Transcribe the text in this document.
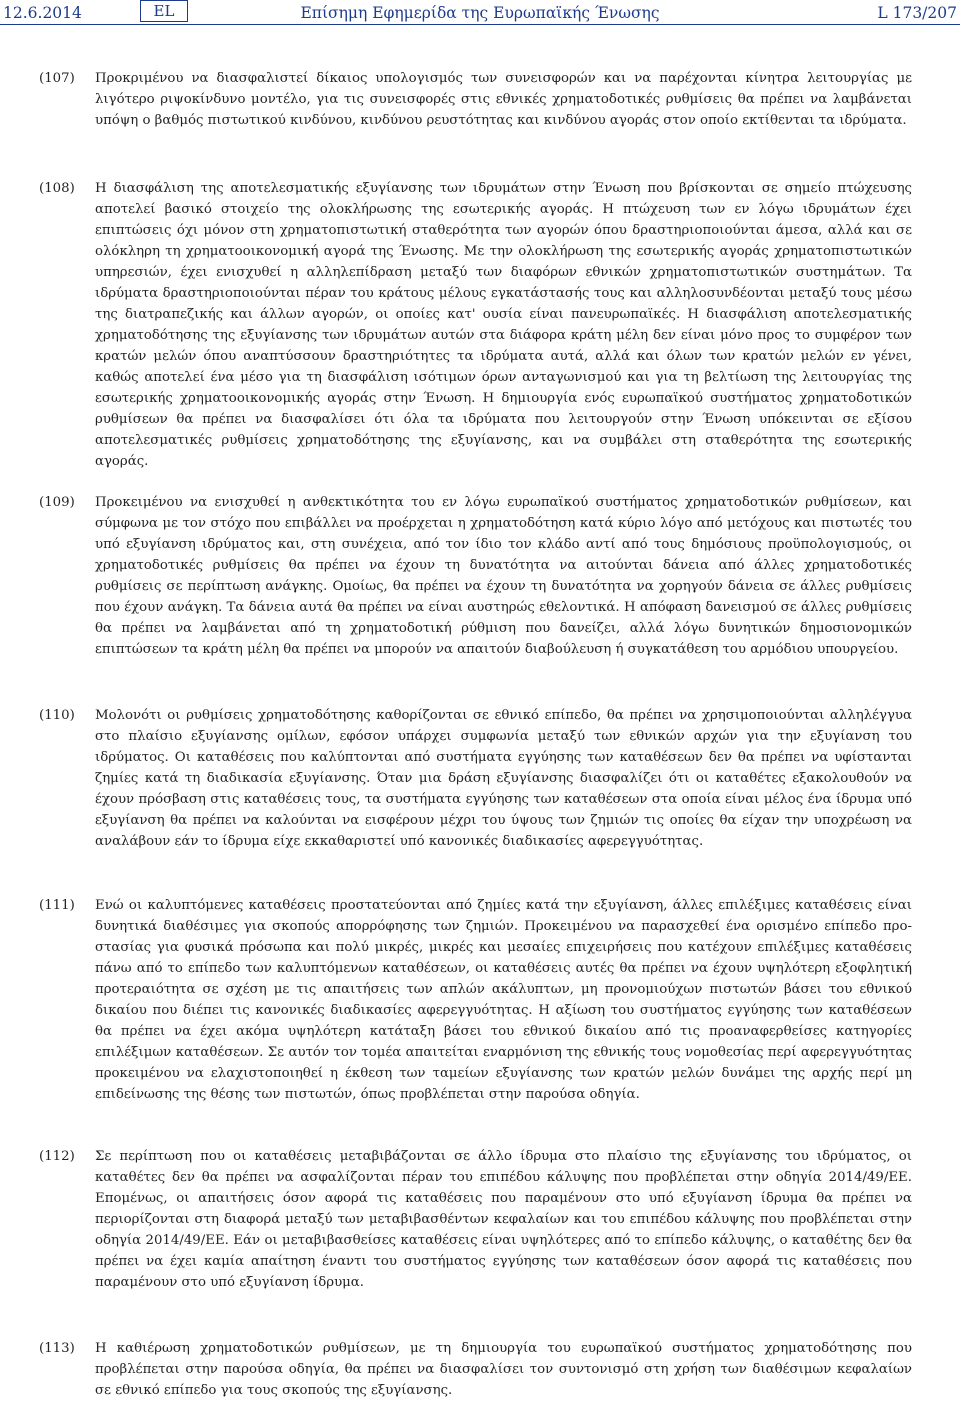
12.6.2014	EL	Επίσημη Εφημερίδα της Ευρωπαϊκής Ένωσης	L 173/207
(107)	Προκριμένου να διασφαλιστεί δίκαιος υπολογισμός των συνεισφορών και να παρέχονται κίνητρα λειτουργίας με λιγότερο ριψοκίνδυνο μοντέλο, για τις συνεισφορές στις εθνικές χρηματοδοτικές ρυθμίσεις θα πρέπει να λαμβάνεται υπόψη ο βαθμός πιστωτικού κινδύνου, κινδύνου ρευστότητας και κινδύνου αγοράς στον οποίο εκτίθενται τα ιδρύματα.
(108)	Η διασφάλιση της αποτελεσματικής εξυγίανσης των ιδρυμάτων στην Ένωση που βρίσκονται σε σημείο πτώχευσης αποτελεί βασικό στοιχείο της ολοκλήρωσης της εσωτερικής αγοράς. Η πτώχευση των εν λόγω ιδρυμάτων έχει επιπτώσεις όχι μόνον στη χρηματοπιστωτική σταθερότητα των αγορών όπου δραστηριοποιούνται άμεσα, αλλά και σε ολόκληρη τη χρηματοοικονομική αγορά της Ένωσης. Με την ολοκλήρωση της εσωτερικής αγοράς χρηματοπιστωτικών υπηρεσιών, έχει ενισχυθεί η αλληλεπίδραση μεταξύ των διαφόρων εθνικών χρηματοπιστωτικών συστημάτων. Τα ιδρύματα δραστηριοποιούνται πέραν του κράτους μέλους εγκατάστασής τους και αλληλοσυνδέονται μεταξύ τους μέσω της διατραπεζικής και άλλων αγορών, οι οποίες κατ' ουσία είναι πανευρωπαϊκές. Η διασφάλιση αποτελεσματικής χρηματοδότησης της εξυγίανσης των ιδρυμάτων αυτών στα διάφορα κράτη μέλη δεν είναι μόνο προς το συμφέρον των κρατών μελών όπου αναπτύσσουν δραστηριότητες τα ιδρύματα αυτά, αλλά και όλων των κρατών μελών εν γένει, καθώς αποτελεί ένα μέσο για τη διασφάλιση ισότιμων όρων ανταγωνισμού και για τη βελτίωση της λειτουργίας της εσωτερικής χρηματοοικονομικής αγοράς στην Ένωση. Η δημιουργία ενός ευρωπαϊκού συστήματος χρηματοδοτικών ρυθμίσεων θα πρέπει να διασφαλίσει ότι όλα τα ιδρύματα που λειτουργούν στην Ένωση υπόκεινται σε εξίσου αποτελεσματικές ρυθμίσεις χρηματοδότησης της εξυγίανσης, και να συμβάλει στη σταθερότητα της εσωτερικής αγοράς.
(109)	Προκειμένου να ενισχυθεί η ανθεκτικότητα του εν λόγω ευρωπαϊκού συστήματος χρηματοδοτικών ρυθμίσεων, και σύμφωνα με τον στόχο που επιβάλλει να προέρχεται η χρηματοδότηση κατά κύριο λόγο από μετόχους και πιστωτές του υπό εξυγίανση ιδρύματος και, στη συνέχεια, από τον ίδιο τον κλάδο αντί από τους δημόσιους προϋπολογισμούς, οι χρηματοδοτικές ρυθμίσεις θα πρέπει να έχουν τη δυνατότητα να αιτούνται δάνεια από άλλες χρηματοδοτικές ρυθμίσεις σε περίπτωση ανάγκης. Ομοίως, θα πρέπει να έχουν τη δυνατότητα να χορηγούν δάνεια σε άλλες ρυθμίσεις που έχουν ανάγκη. Τα δάνεια αυτά θα πρέπει να είναι αυστηρώς εθελοντικά. Η απόφαση δανεισμού σε άλλες ρυθμίσεις θα πρέπει να λαμβάνεται από τη χρηματοδοτική ρύθμιση που δανείζει, αλλά λόγω δυνητικών δημοσιονομικών επιπτώσεων τα κράτη μέλη θα πρέπει να μπορούν να απαιτούν διαβούλευση ή συγκατάθεση του αρμόδιου υπουργείου.
(110)	Μολονότι οι ρυθμίσεις χρηματοδότησης καθορίζονται σε εθνικό επίπεδο, θα πρέπει να χρησιμοποιούνται αλληλέγγυα στο πλαίσιο εξυγίανσης ομίλων, εφόσον υπάρχει συμφωνία μεταξύ των εθνικών αρχών για την εξυγίανση του ιδρύματος. Οι καταθέσεις που καλύπτονται από συστήματα εγγύησης των καταθέσεων δεν θα πρέπει να υφίστανται ζημίες κατά τη διαδικασία εξυγίανσης. Όταν μια δράση εξυγίανσης διασφαλίζει ότι οι καταθέτες εξακολουθούν να έχουν πρόσβαση στις καταθέσεις τους, τα συστήματα εγγύησης των καταθέσεων στα οποία είναι μέλος ένα ίδρυμα υπό εξυγίανση θα πρέπει να καλούνται να εισφέρουν μέχρι του ύψους των ζημιών τις οποίες θα είχαν την υποχρέωση να αναλάβουν εάν το ίδρυμα είχε εκκαθαριστεί υπό κανονικές διαδικασίες αφερεγγυότητας.
(111)	Ενώ οι καλυπτόμενες καταθέσεις προστατεύονται από ζημίες κατά την εξυγίανση, άλλες επιλέξιμες καταθέσεις είναι δυνητικά διαθέσιμες για σκοπούς απορρόφησης των ζημιών. Προκειμένου να παρασχεθεί ένα ορισμένο επίπεδο προστασίας για φυσικά πρόσωπα και πολύ μικρές, μικρές και μεσαίες επιχειρήσεις που κατέχουν επιλέξιμες καταθέσεις πάνω από το επίπεδο των καλυπτόμενων καταθέσεων, οι καταθέσεις αυτές θα πρέπει να έχουν υψηλότερη εξοφλητική προτεραιότητα σε σχέση με τις απαιτήσεις των απλών ακάλυπτων, μη προνομιούχων πιστωτών βάσει του εθνικού δικαίου που διέπει τις κανονικές διαδικασίες αφερεγγυότητας. Η αξίωση του συστήματος εγγύησης των καταθέσεων θα πρέπει να έχει ακόμα υψηλότερη κατάταξη βάσει του εθνικού δικαίου από τις προαναφερθείσες κατηγορίες επιλέξιμων καταθέσεων. Σε αυτόν τον τομέα απαιτείται εναρμόνιση της εθνικής τους νομοθεσίας περί αφερεγγυότητας προκειμένου να ελαχιστοποιηθεί η έκθεση των ταμείων εξυγίανσης των κρατών μελών δυνάμει της αρχής περί μη επιδείνωσης της θέσης των πιστωτών, όπως προβλέπεται στην παρούσα οδηγία.
(112)	Σε περίπτωση που οι καταθέσεις μεταβιβάζονται σε άλλο ίδρυμα στο πλαίσιο της εξυγίανσης του ιδρύματος, οι καταθέτες δεν θα πρέπει να ασφαλίζονται πέραν του επιπέδου κάλυψης που προβλέπεται στην οδηγία 2014/49/ΕΕ. Επομένως, οι απαιτήσεις όσον αφορά τις καταθέσεις που παραμένουν στο υπό εξυγίανση ίδρυμα θα πρέπει να περιορίζονται στη διαφορά μεταξύ των μεταβιβασθέντων κεφαλαίων και του επιπέδου κάλυψης που προβλέπεται στην οδηγία 2014/49/ΕΕ. Εάν οι μεταβιβασθείσες καταθέσεις είναι υψηλότερες από το επίπεδο κάλυψης, ο καταθέτης δεν θα πρέπει να έχει καμία απαίτηση έναντι του συστήματος εγγύησης των καταθέσεων όσον αφορά τις καταθέσεις που παραμένουν στο υπό εξυγίανση ίδρυμα.
(113)	Η καθιέρωση χρηματοδοτικών ρυθμίσεων, με τη δημιουργία του ευρωπαϊκού συστήματος χρηματοδότησης που προβλέπεται στην παρούσα οδηγία, θα πρέπει να διασφαλίσει τον συντονισμό στη χρήση των διαθέσιμων κεφαλαίων σε εθνικό επίπεδο για τους σκοπούς της εξυγίανσης.
